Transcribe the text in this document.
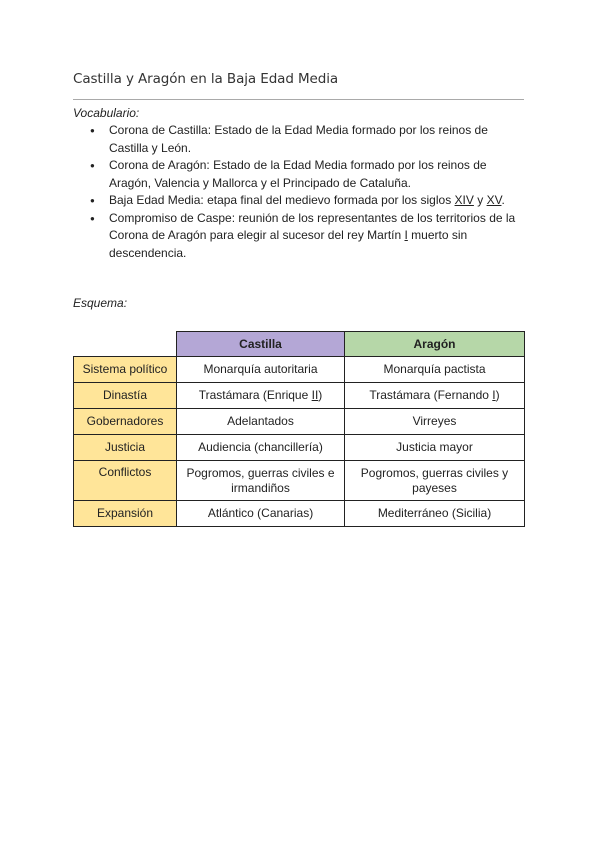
Castilla y Aragón en la Baja Edad Media
Vocabulario:
● Corona de Castilla: Estado de la Edad Media formado por los reinos de Castilla y León.
● Corona de Aragón: Estado de la Edad Media formado por los reinos de Aragón, Valencia y Mallorca y el Principado de Cataluña.
● Baja Edad Media: etapa final del medievo formada por los siglos XIV y XV.
● Compromiso de Caspe: reunión de los representantes de los territorios de la Corona de Aragón para elegir al sucesor del rey Martín I muerto sin descendencia.
Esquema:
	Castilla	Aragón
Sistema político	Monarquía autoritaria	Monarquía pactista
Dinastía	Trastámara (Enrique II)	Trastámara (Fernando I)
Gobernadores	Adelantados	Virreyes
Justicia	Audiencia (chancillería)	Justicia mayor
Conflictos	Pogromos, guerras civiles e irmandiños	Pogromos, guerras civiles y payeses
Expansión	Atlántico (Canarias)	Mediterráneo (Sicilia)
